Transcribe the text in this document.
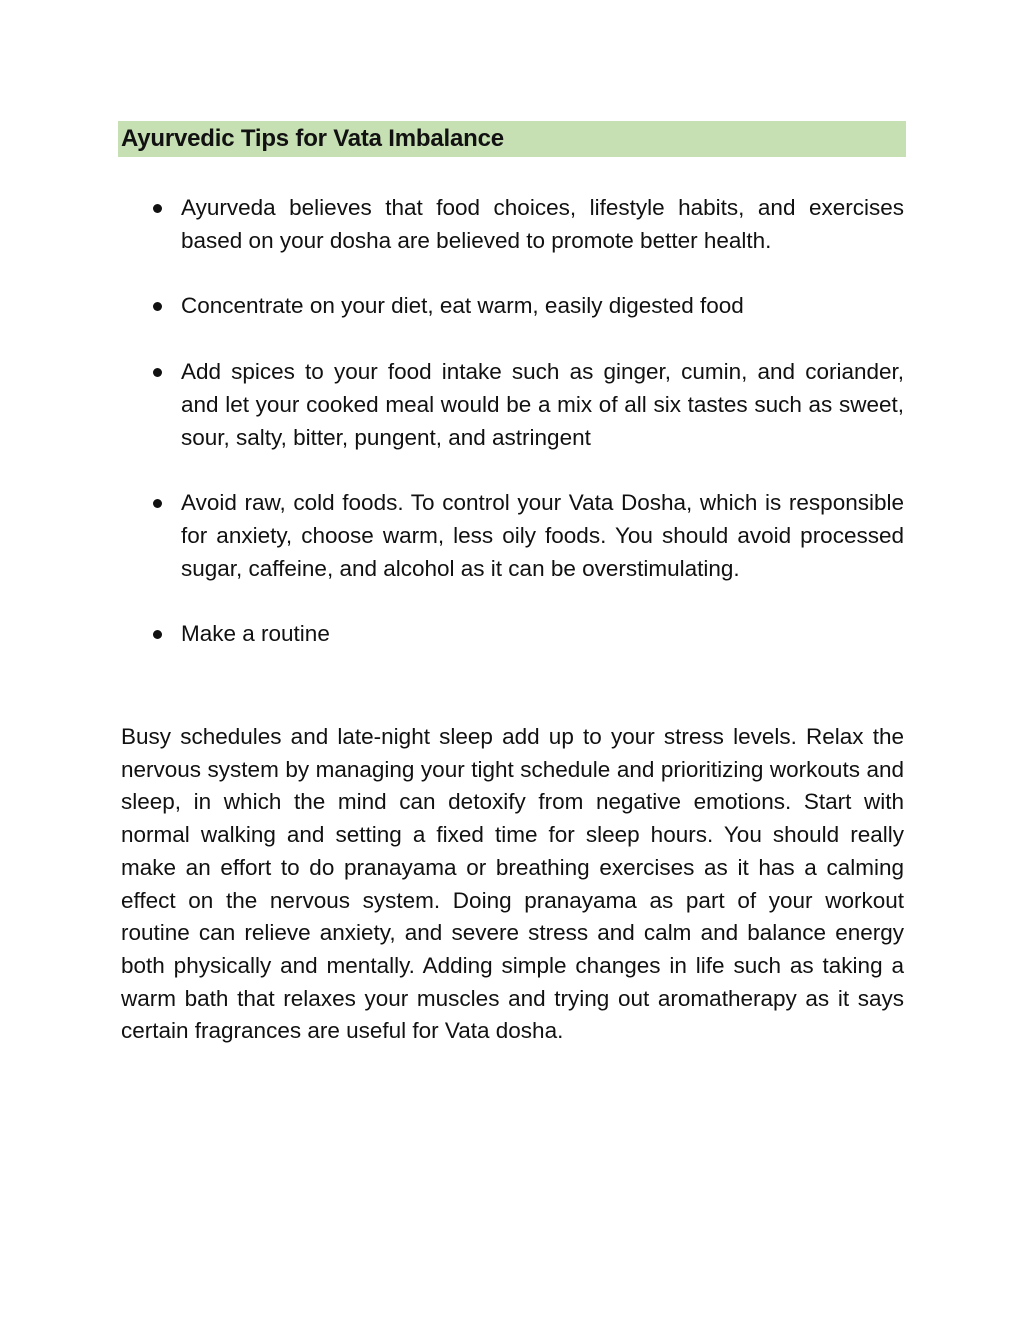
Ayurvedic Tips for Vata Imbalance
Ayurveda believes that food choices, lifestyle habits, and exercises based on your dosha are believed to promote better health.
Concentrate on your diet, eat warm, easily digested food
Add spices to your food intake such as ginger, cumin, and coriander, and let your cooked meal would be a mix of all six tastes such as sweet, sour, salty, bitter, pungent, and astringent
Avoid raw, cold foods. To control your Vata Dosha, which is responsible for anxiety, choose warm, less oily foods. You should avoid processed sugar, caffeine, and alcohol as it can be overstimulating.
Make a routine

Busy schedules and late-night sleep add up to your stress levels. Relax the nervous system by managing your tight schedule and prioritizing workouts and sleep, in which the mind can detoxify from negative emotions. Start with normal walking and setting a fixed time for sleep hours. You should really make an effort to do pranayama or breathing exercises as it has a calming effect on the nervous system. Doing pranayama as part of your workout routine can relieve anxiety, and severe stress and calm and balance energy both physically and mentally. Adding simple changes in life such as taking a warm bath that relaxes your muscles and trying out aromatherapy as it says certain fragrances are useful for Vata dosha.
